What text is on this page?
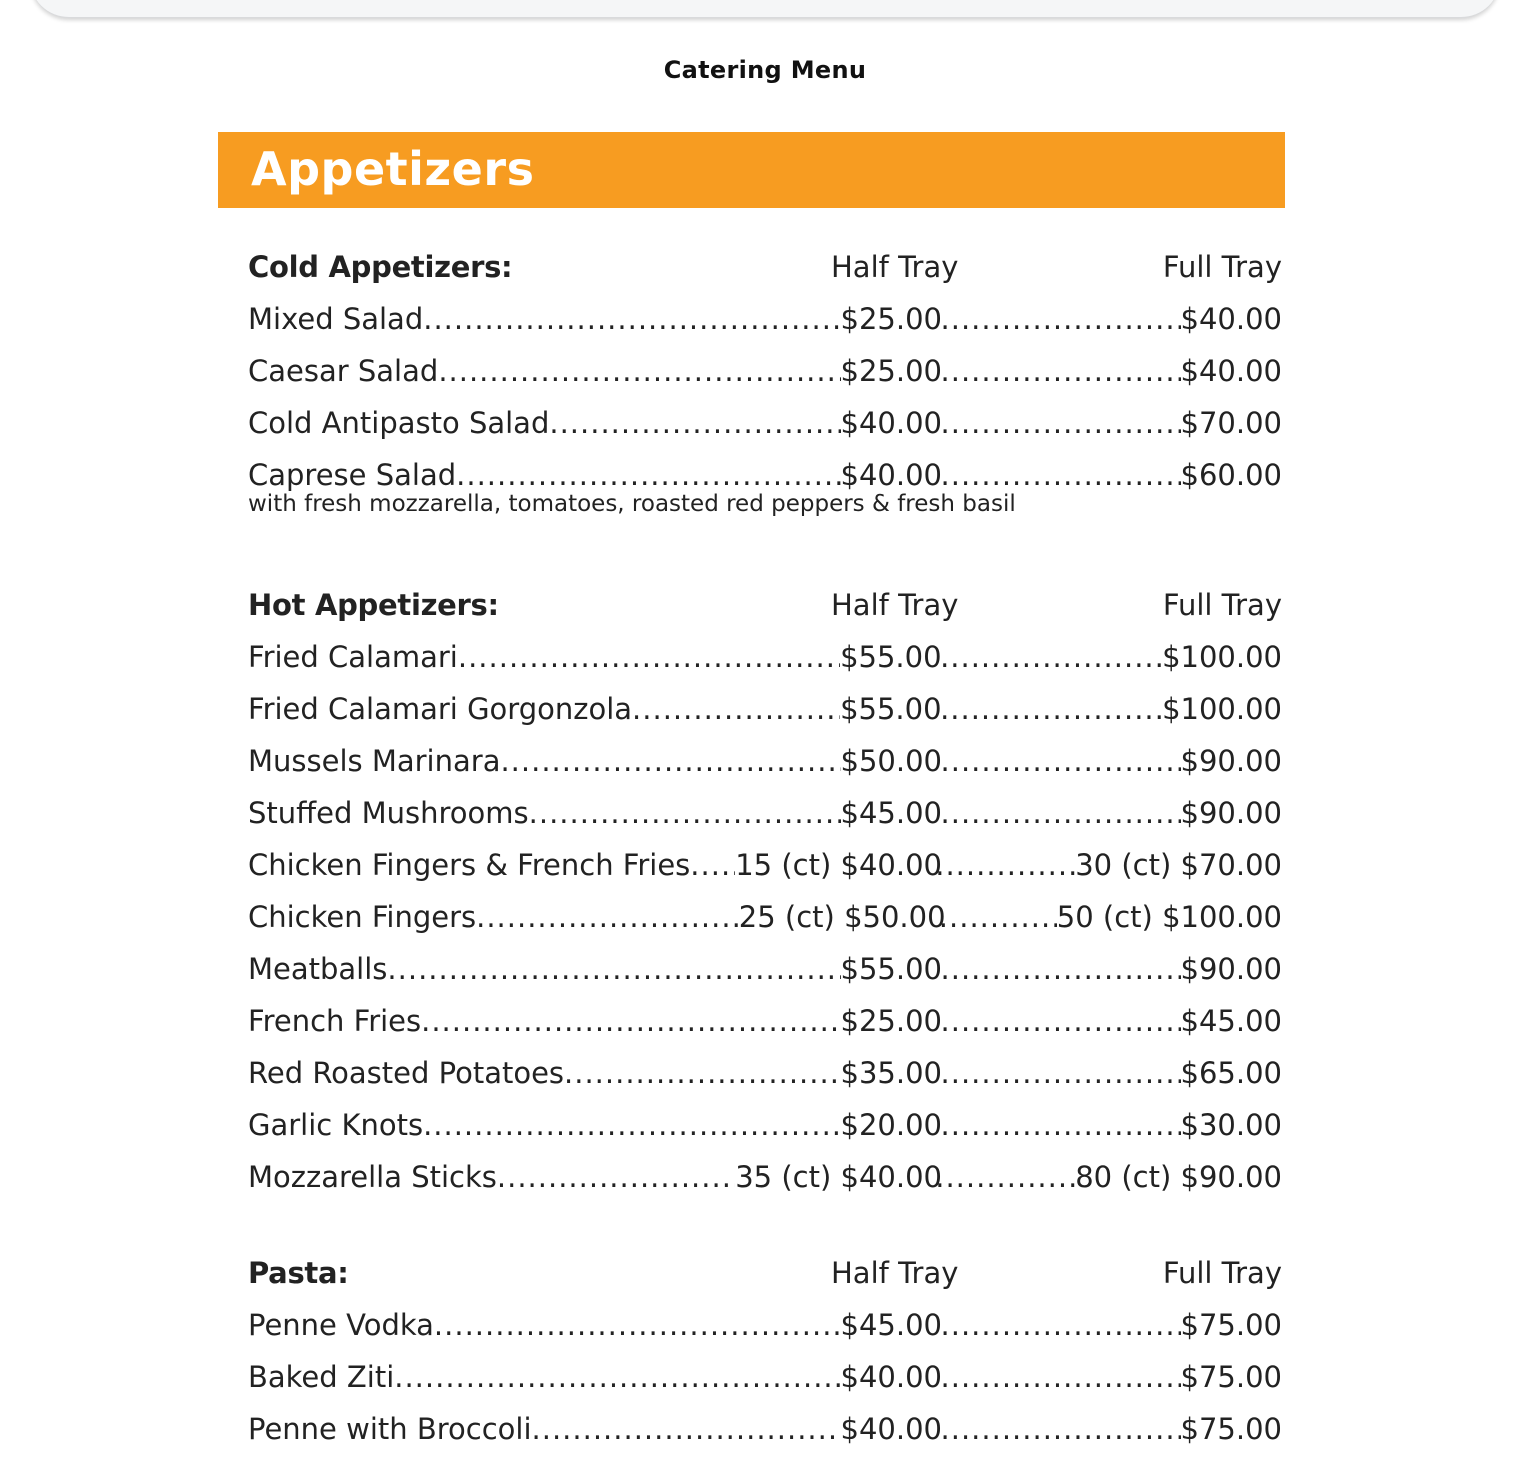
Catering Menu
Appetizers
Cold Appetizers:	Half Tray	Full Tray
Mixed Salad .....	$25.00 .....	$40.00
Caesar Salad .....	$25.00 .....	$40.00
Cold Antipasto Salad .....	$40.00 .....	$70.00
Caprese Salad .....	$40.00 .....	$60.00
with fresh mozzarella, tomatoes, roasted red peppers & fresh basil
Hot Appetizers:	Half Tray	Full Tray
Fried Calamari .....	$55.00 .....	$100.00
Fried Calamari Gorgonzola .....	$55.00 .....	$100.00
Mussels Marinara .....	$50.00 .....	$90.00
Stuffed Mushrooms .....	$45.00 .....	$90.00
Chicken Fingers & French Fries ..... 15 (ct) $40.00 .....	30 (ct) $70.00
Chicken Fingers .....	25 (ct) $50.00 .....	50 (ct) $100.00
Meatballs .....	$55.00 .....	$90.00
French Fries .....	$25.00 .....	$45.00
Red Roasted Potatoes .....	$35.00 .....	$65.00
Garlic Knots .....	$20.00 .....	$30.00
Mozzarella Sticks .....	35 (ct) $40.00 .....	80 (ct) $90.00
Pasta:	Half Tray	Full Tray
Penne Vodka .....	$45.00 .....	$75.00
Baked Ziti .....	$40.00 .....	$75.00
Penne with Broccoli .....	$40.00 .....	$75.00
